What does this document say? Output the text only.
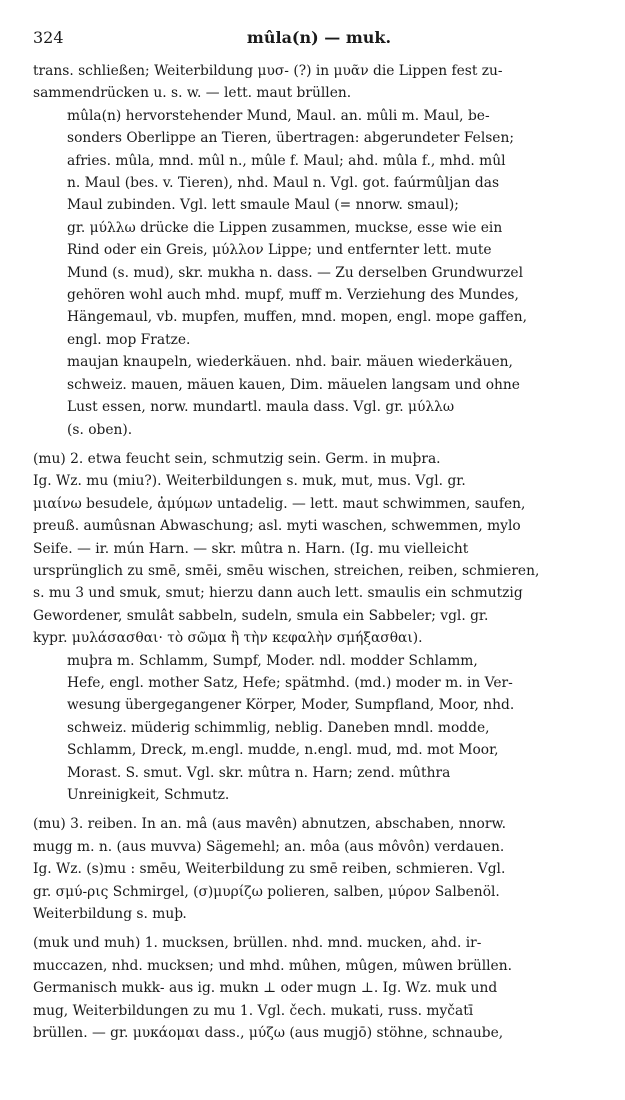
324	mûla(n) — muk.
trans. schließen; Weiterbildung μυσ- (?) in μυᾶν die Lippen fest zu-
sammendrücken u. s. w. — lett. maut brüllen.
mûla(n) hervorstehender Mund, Maul. an. mûli m. Maul, be-
sonders Oberlippe an Tieren, übertragen: abgerundeter Felsen;
afries. mûla, mnd. mûl n., mûle f. Maul; ahd. mûla f., mhd. mûl
n. Maul (bes. v. Tieren), nhd. Maul n. Vgl. got. faúrmûljan das
Maul zubinden. Vgl. lett smaule Maul (= nnorw. smaul);
gr. μύλλω drücke die Lippen zusammen, muckse, esse wie ein
Rind oder ein Greis, μύλλον Lippe; und entfernter lett. mute
Mund (s. mud), skr. mukha n. dass. — Zu derselben Grundwurzel
gehören wohl auch mhd. mupf, muff m. Verziehung des Mundes,
Hängemaul, vb. mupfen, muffen, mnd. mopen, engl. mope gaffen,
engl. mop Fratze.
maujan knaupeln, wiederkäuen. nhd. bair. mäuen wiederkäuen,
schweiz. mauen, mäuen kauen, Dim. mäuelen langsam und ohne
Lust essen, norw. mundartl. maula dass. Vgl. gr. μύλλω
(s. oben).
(mu) 2. etwa feucht sein, schmutzig sein. Germ. in muþra.
Ig. Wz. mu (miu?). Weiterbildungen s. muk, mut, mus. Vgl. gr.
μιαίνω besudele, ἀμύμων untadelig. — lett. maut schwimmen, saufen,
preuß. aumûsnan Abwaschung; asl. myti waschen, schwemmen, mylo
Seife. — ir. mún Harn. — skr. mûtra n. Harn. (Ig. mu vielleicht
ursprünglich zu smē, smēi, smēu wischen, streichen, reiben, schmieren,
s. mu 3 und smuk, smut; hierzu dann auch lett. smaulis ein schmutzig
Gewordener, smulât sabbeln, sudeln, smula ein Sabbeler; vgl. gr.
kypr. μυλάσασθαι· τὸ σῶμα ἢ τὴν κεφαλὴν σμήξασθαι).
muþra m. Schlamm, Sumpf, Moder. ndl. modder Schlamm,
Hefe, engl. mother Satz, Hefe; spätmhd. (md.) moder m. in Ver-
wesung übergegangener Körper, Moder, Sumpfland, Moor, nhd.
schweiz. müderig schimmlig, neblig. Daneben mndl. modde,
Schlamm, Dreck, m.engl. mudde, n.engl. mud, md. mot Moor,
Morast. S. smut. Vgl. skr. mûtra n. Harn; zend. mûthra
Unreinigkeit, Schmutz.
(mu) 3. reiben. In an. mâ (aus mavên) abnutzen, abschaben, nnorw.
mugg m. n. (aus muvva) Sägemehl; an. môa (aus môvôn) verdauen.
Ig. Wz. (s)mu : smēu, Weiterbildung zu smē reiben, schmieren. Vgl.
gr. σμύ-ρις Schmirgel, (σ)μυρίζω polieren, salben, μύρον Salbenöl.
Weiterbildung s. muþ.
(muk und muh) 1. mucksen, brüllen. nhd. mnd. mucken, ahd. ir-
muccazen, nhd. mucksen; und mhd. mûhen, mûgen, mûwen brüllen.
Germanisch mukk- aus ig. mukn ⊥ oder mugn ⊥. Ig. Wz. muk und
mug, Weiterbildungen zu mu 1. Vgl. čech. mukati, russ. myčatī
brüllen. — gr. μυκάομαι dass., μύζω (aus mugjō) stöhne, schnaube,
